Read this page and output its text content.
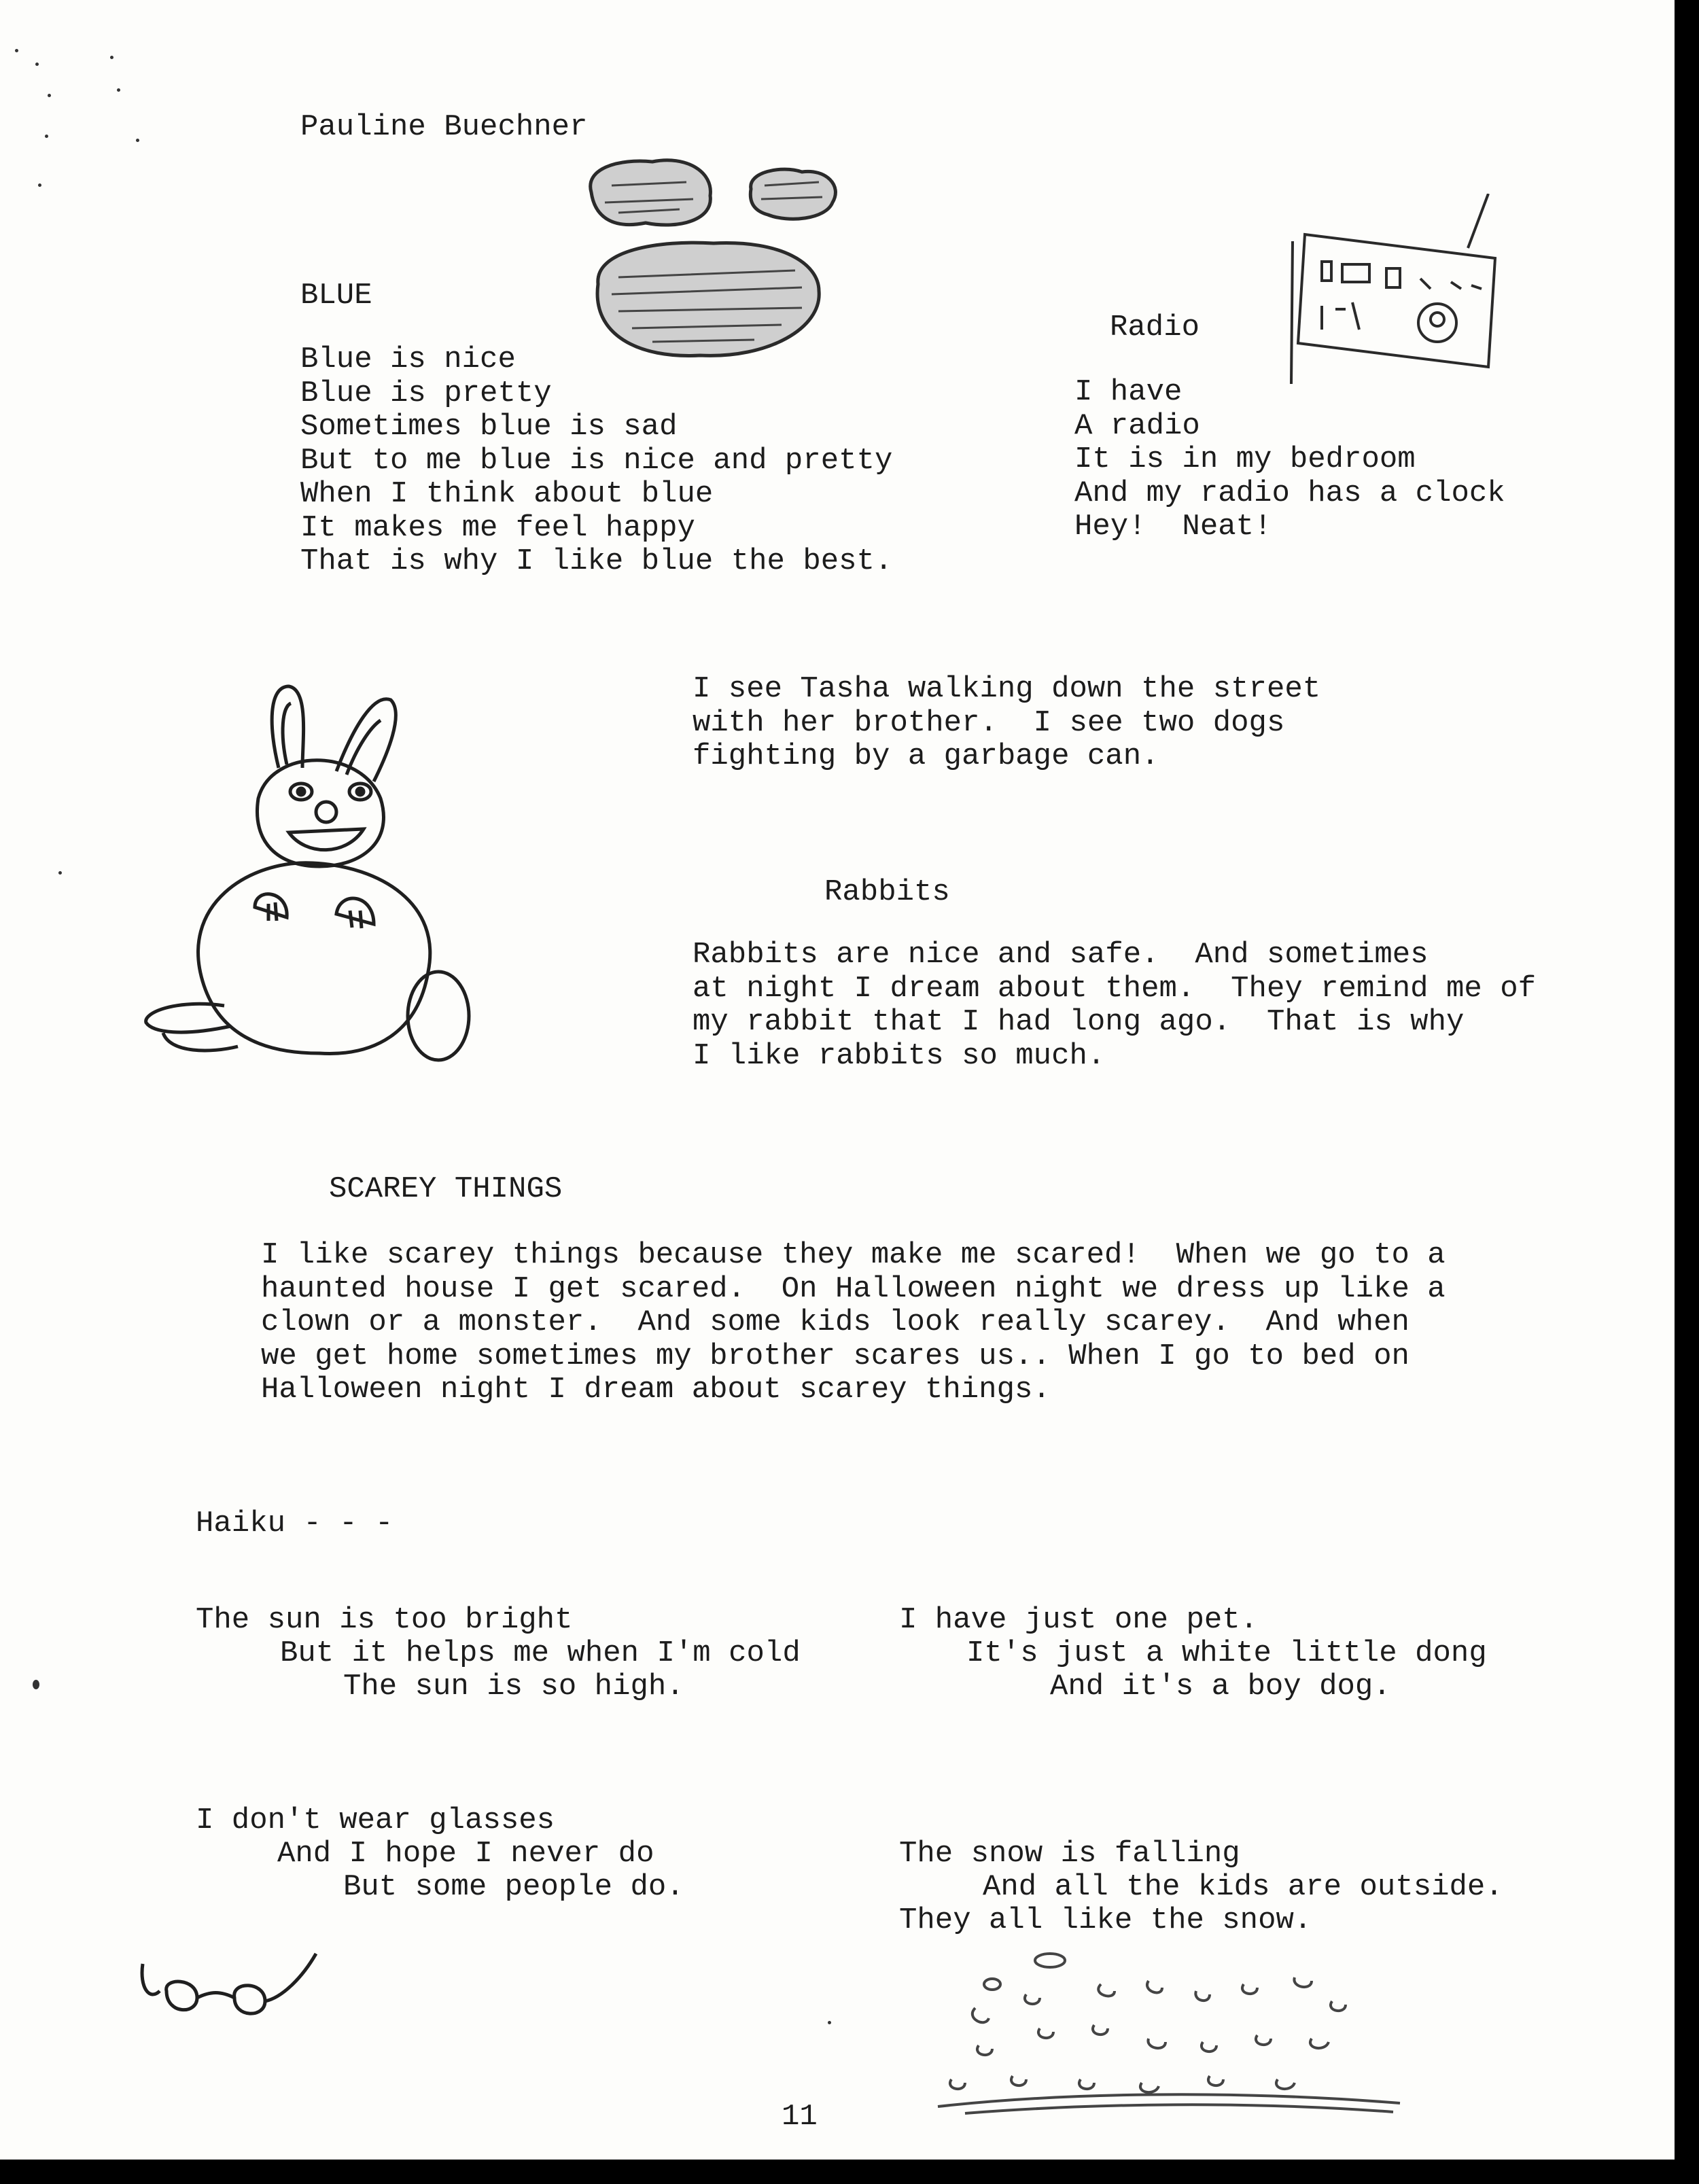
Pauline Buechner
BLUE
Blue is nice
Blue is pretty
Sometimes blue is sad
But to me blue is nice and pretty
When I think about blue
It makes me feel happy
That is why I like blue the best.
Radio
I have
A radio
It is in my bedroom
And my radio has a clock
Hey!  Neat!
I see Tasha walking down the street
with her brother.  I see two dogs
fighting by a garbage can.
Rabbits
Rabbits are nice and safe.  And sometimes
at night I dream about them.  They remind me of
my rabbit that I had long ago.  That is why
I like rabbits so much.
SCAREY THINGS
I like scarey things because they make me scared!  When we go to a
haunted house I get scared.  On Halloween night we dress up like a
clown or a monster.  And some kids look really scarey.  And when
we get home sometimes my brother scares us.. When I go to bed on
Halloween night I dream about scarey things.
Haiku - - -
The sun is too bright
But it helps me when I'm cold
The sun is so high.
I have just one pet.
It's just a white little dong
And it's a boy dog.
I don't wear glasses
And I hope I never do
But some people do.
The snow is falling
And all the kids are outside.
They all like the snow.
11
